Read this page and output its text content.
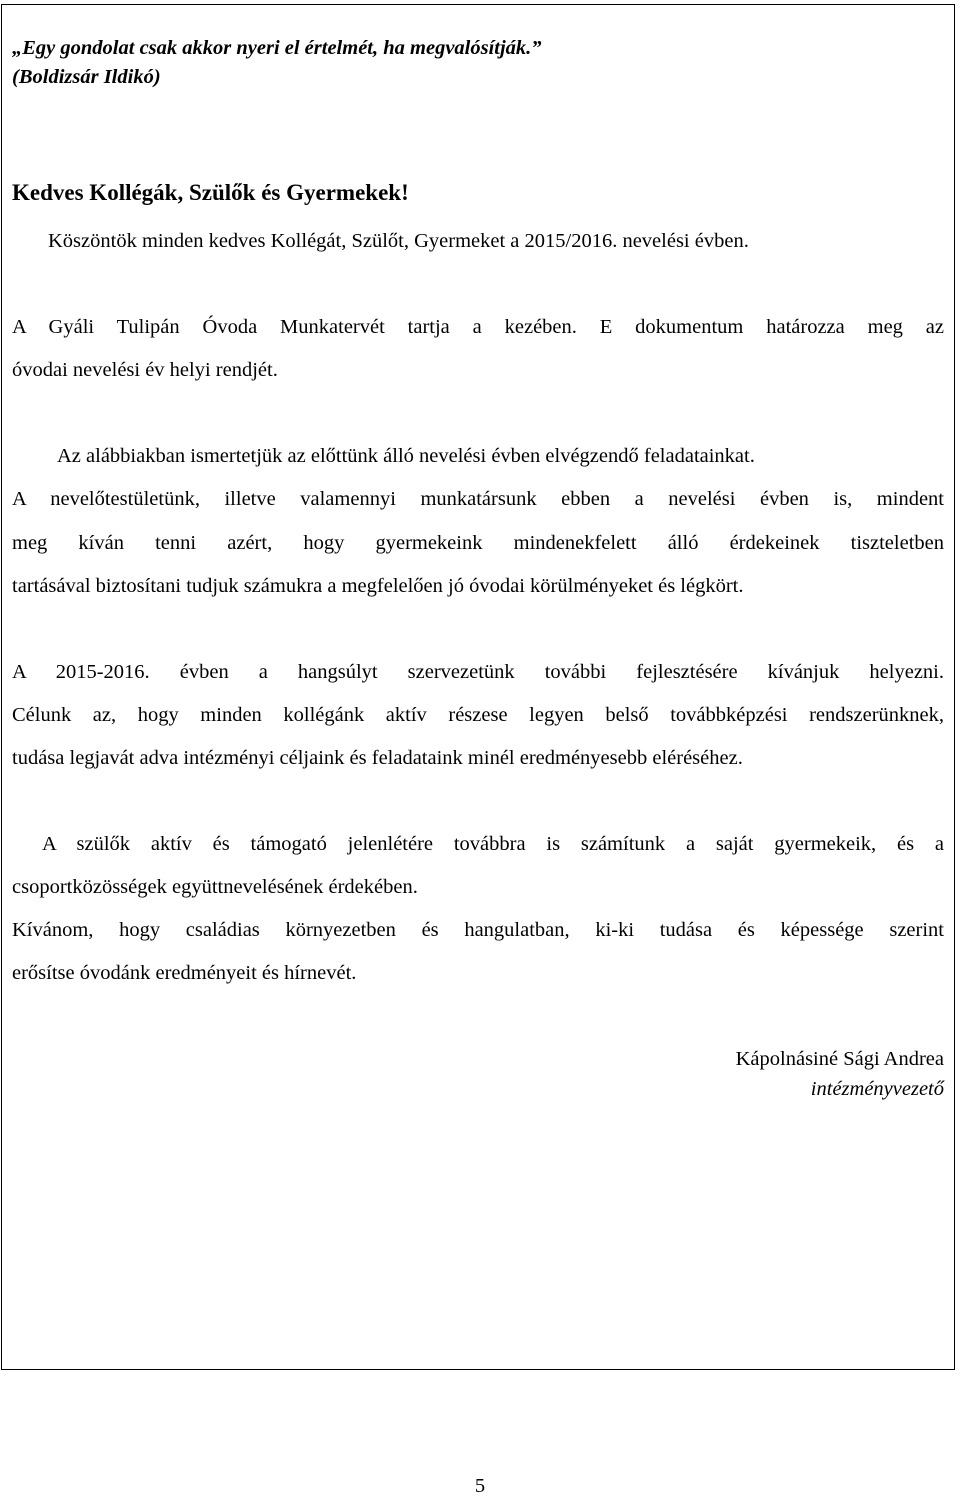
„Egy gondolat csak akkor nyeri el értelmét, ha megvalósítják.”
(Boldizsár Ildikó)
Kedves Kollégák, Szülők és Gyermekek!
Köszöntök minden kedves Kollégát, Szülőt, Gyermeket a 2015/2016. nevelési évben.
A Gyáli Tulipán Óvoda Munkatervét tartja a kezében. E dokumentum határozza meg az
óvodai nevelési év helyi rendjét.
Az alábbiakban ismertetjük az előttünk álló nevelési évben elvégzendő feladatainkat.
A nevelőtestületünk, illetve valamennyi munkatársunk ebben a nevelési évben is, mindent
meg kíván tenni azért, hogy gyermekeink mindenekfelett álló érdekeinek tiszteletben
tartásával biztosítani tudjuk számukra a megfelelően jó óvodai körülményeket és légkört.
A 2015-2016. évben a hangsúlyt szervezetünk további fejlesztésére kívánjuk helyezni.
Célunk az, hogy minden kollégánk aktív részese legyen belső továbbképzési rendszerünknek,
tudása legjavát adva intézményi céljaink és feladataink minél eredményesebb eléréséhez.
A szülők aktív és támogató jelenlétére továbbra is számítunk a saját gyermekeik, és a
csoportközösségek együttnevelésének érdekében.
Kívánom, hogy családias környezetben és hangulatban, ki-ki tudása és képessége szerint
erősítse óvodánk eredményeit és hírnevét.
Kápolnásiné Sági Andrea
intézményvezető
5
